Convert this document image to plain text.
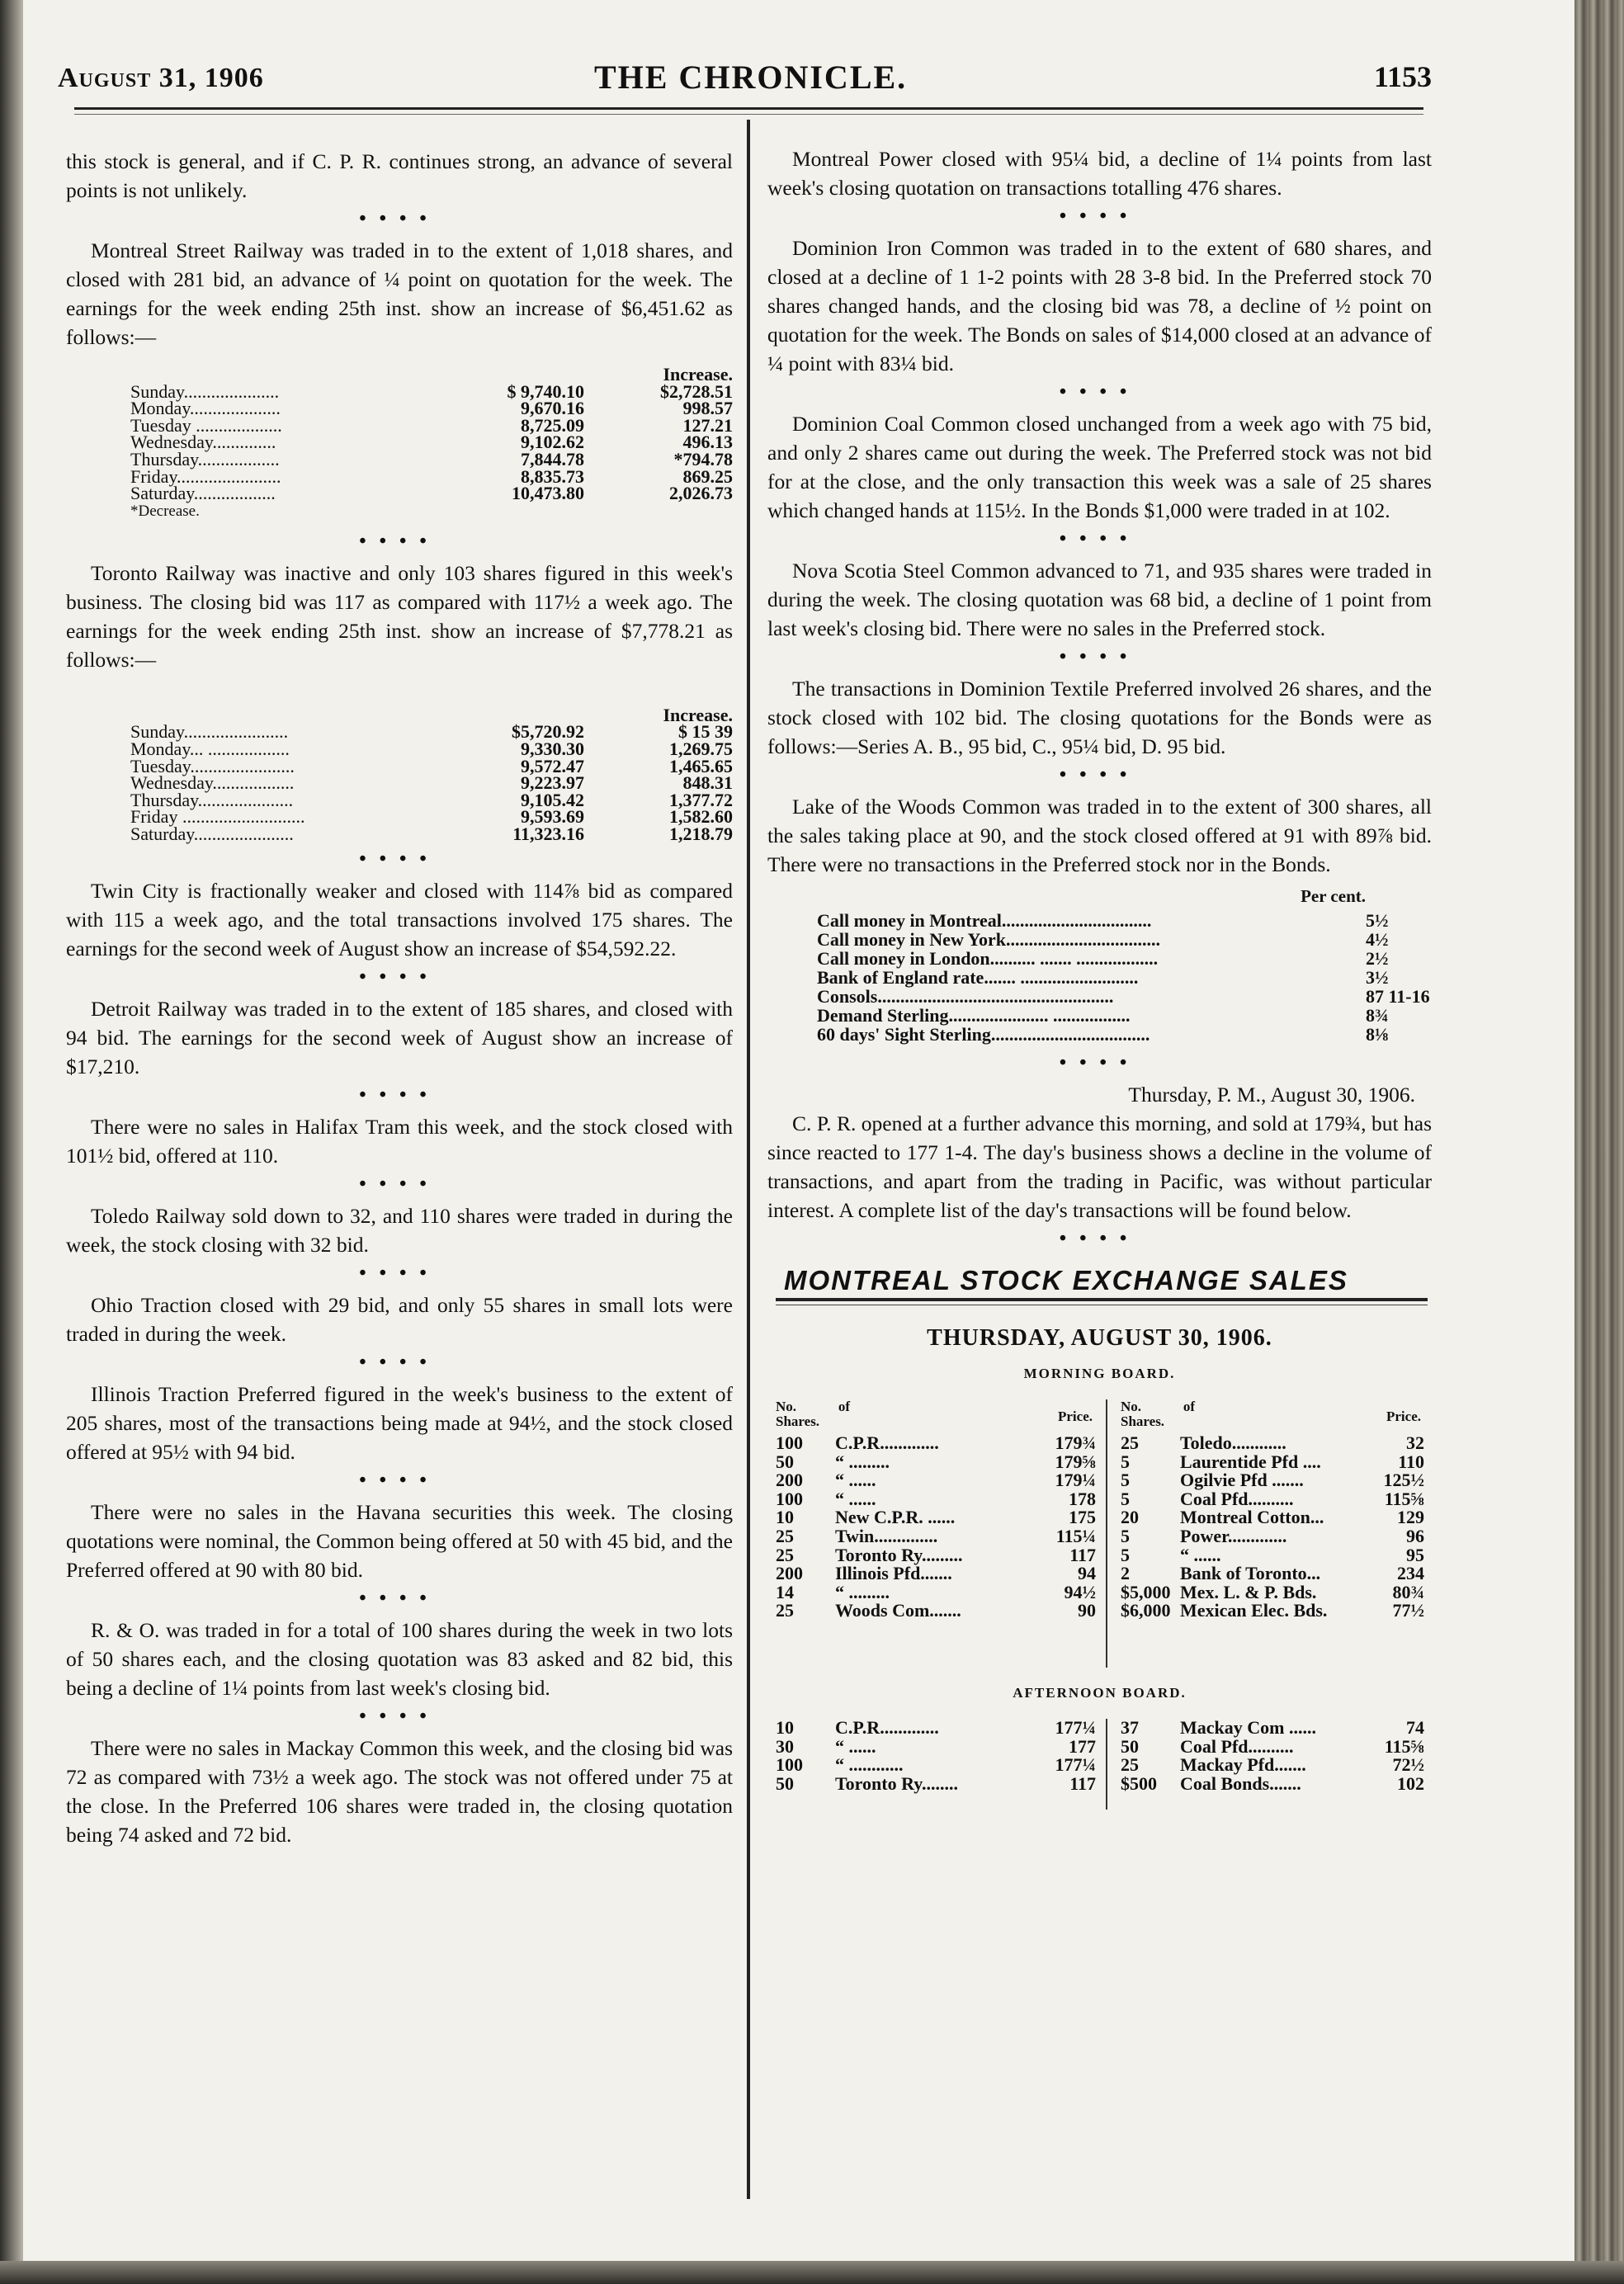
August 31, 1906	THE CHRONICLE.	1153

this stock is general, and if C. P. R. continues strong, an advance of several points is not unlikely.

••••

Montreal Street Railway was traded in to the extent of 1,018 shares, and closed with 281 bid, an advance of ¼ point on quotation for the week. The earnings for the week ending 25th inst. show an increase of $6,451.62 as follows:—

		Increase.
Sunday.....................	$ 9,740.10	$2,728.51
Monday....................	9,670.16	998.57
Tuesday ...................	8,725.09	127.21
Wednesday..............	9,102.62	496.13
Thursday..................	7,844.78	*794.78
Friday.......................	8,835.73	869.25
Saturday..................	10,473.80	2,026.73
*Decrease.
••••

Toronto Railway was inactive and only 103 shares figured in this week's business. The closing bid was 117 as compared with 117½ a week ago. The earnings for the week ending 25th inst. show an increase of $7,778.21 as follows:—

		Increase.
Sunday.......................	$5,720.92	$ 15 39
Monday... ..................	9,330.30	1,269.75
Tuesday.......................	9,572.47	1,465.65
Wednesday..................	9,223.97	848.31
Thursday.....................	9,105.42	1,377.72
Friday ...........................	9,593.69	1,582.60
Saturday......................	11,323.16	1,218.79
••••

Twin City is fractionally weaker and closed with 114⅞ bid as compared with 115 a week ago, and the total transactions involved 175 shares. The earnings for the second week of August show an increase of $54,592.22.

••••

Detroit Railway was traded in to the extent of 185 shares, and closed with 94 bid. The earnings for the second week of August show an increase of $17,210.

••••

There were no sales in Halifax Tram this week, and the stock closed with 101½ bid, offered at 110.

••••

Toledo Railway sold down to 32, and 110 shares were traded in during the week, the stock closing with 32 bid.

••••

Ohio Traction closed with 29 bid, and only 55 shares in small lots were traded in during the week.

••••

Illinois Traction Preferred figured in the week's business to the extent of 205 shares, most of the transactions being made at 94½, and the stock closed offered at 95½ with 94 bid.

••••

There were no sales in the Havana securities this week. The closing quotations were nominal, the Common being offered at 50 with 45 bid, and the Preferred offered at 90 with 80 bid.

••••

R. & O. was traded in for a total of 100 shares during the week in two lots of 50 shares each, and the closing quotation was 83 asked and 82 bid, this being a decline of 1¼ points from last week's closing bid.

••••

There were no sales in Mackay Common this week, and the closing bid was 72 as compared with 73½ a week ago. The stock was not offered under 75 at the close. In the Preferred 106 shares were traded in, the closing quotation being 74 asked and 72 bid.

Montreal Power closed with 95¼ bid, a decline of 1¼ points from last week's closing quotation on transactions totalling 476 shares.

••••

Dominion Iron Common was traded in to the extent of 680 shares, and closed at a decline of 1 1-2 points with 28 3-8 bid. In the Preferred stock 70 shares changed hands, and the closing bid was 78, a decline of ½ point on quotation for the week. The Bonds on sales of $14,000 closed at an advance of ¼ point with 83¼ bid.

••••

Dominion Coal Common closed unchanged from a week ago with 75 bid, and only 2 shares came out during the week. The Preferred stock was not bid for at the close, and the only transaction this week was a sale of 25 shares which changed hands at 115½. In the Bonds $1,000 were traded in at 102.

••••

Nova Scotia Steel Common advanced to 71, and 935 shares were traded in during the week. The closing quotation was 68 bid, a decline of 1 point from last week's closing bid. There were no sales in the Preferred stock.

••••

The transactions in Dominion Textile Preferred involved 26 shares, and the stock closed with 102 bid. The closing quotations for the Bonds were as follows:—Series A. B., 95 bid, C., 95¼ bid, D. 95 bid.

••••

Lake of the Woods Common was traded in to the extent of 300 shares, all the sales taking place at 90, and the stock closed offered at 91 with 89⅞ bid. There were no transactions in the Preferred stock nor in the Bonds.

Per cent.
Call money in Montreal.................................	5½
Call money in New York..................................	4½
Call money in London.......... ....... ..................	2½
Bank of England rate....... ..........................	3½
Consols....................................................	87 11-16
Demand Sterling...................... .................	8¾
60 days' Sight Sterling...................................	8⅛
••••
Thursday, P. M., August 30, 1906.

C. P. R. opened at a further advance this morning, and sold at 179¾, but has since reacted to 177 1-4. The day's business shows a decline in the volume of transactions, and apart from the trading in Pacific, was without particular interest. A complete list of the day's transactions will be found below.

••••
MONTREAL STOCK EXCHANGE SALES
THURSDAY, AUGUST 30, 1906.
MORNING BOARD.
No. of Shares.	Price.
100	C.P.R.............	179¾
50	“ .........	179⅝
200	“ ......	179¼
100	“ ......	178
10	New C.P.R. ......	175
25	Twin..............	115¼
25	Toronto Ry.........	117
200	Illinois Pfd.......	94
14	“ .........	94½
25	Woods Com.......	90
No. of Shares.	Price.
25	Toledo............	32
5	Laurentide Pfd ....	110
5	Ogilvie Pfd .......	125½
5	Coal Pfd..........	115⅝
20	Montreal Cotton...	129
5	Power.............	96
5	“ ......	95
2	Bank of Toronto...	234
$5,000 Mex. L. & P. Bds.	80¾
$6,000 Mexican Elec. Bds.	77½
AFTERNOON BOARD.
10	C.P.R.............	177¼
30	“ ......	177
100	“ ............	177¼
50	Toronto Ry........	117
37	Mackay Com ......	74
50	Coal Pfd..........	115⅝
25	Mackay Pfd.......	72½
$500	Coal Bonds.......	102
